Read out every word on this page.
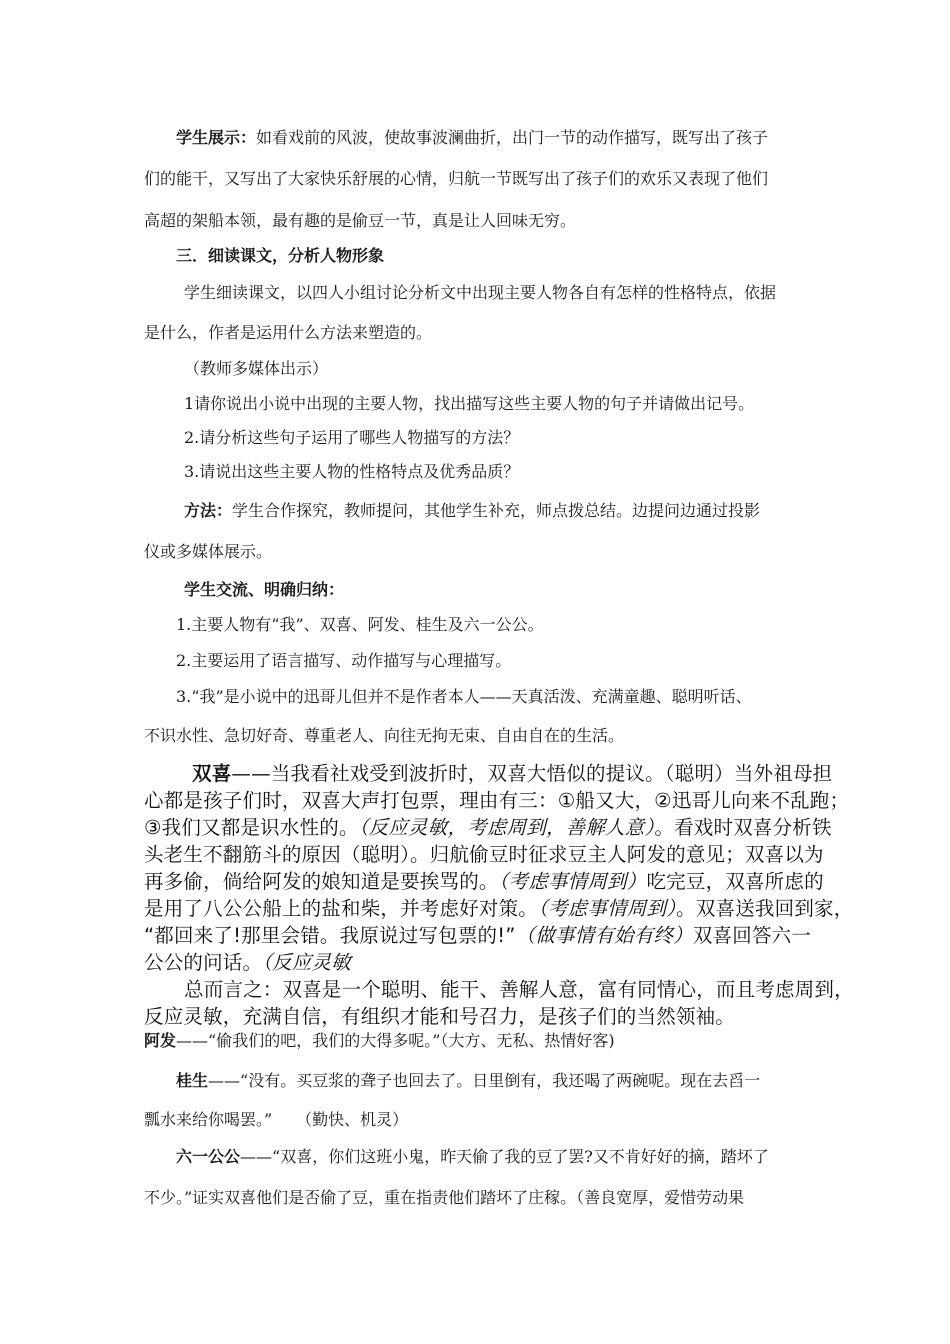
学生展示：如看戏前的风波，使故事波澜曲折，出门一节的动作描写，既写出了孩子
们的能干，又写出了大家快乐舒展的心情，归航一节既写出了孩子们的欢乐又表现了他们
高超的架船本领，最有趣的是偷豆一节，真是让人回味无穷。
三．细读课文，分析人物形象
学生细读课文，以四人小组讨论分析文中出现主要人物各自有怎样的性格特点，依据
是什么，作者是运用什么方法来塑造的。
（教师多媒体出示）
1请你说出小说中出现的主要人物，找出描写这些主要人物的句子并请做出记号。
2.请分析这些句子运用了哪些人物描写的方法？
3.请说出这些主要人物的性格特点及优秀品质？
方法：学生合作探究，教师提问，其他学生补充，师点拨总结。边提问边通过投影
仪或多媒体展示。
学生交流、明确归纳：
1.主要人物有“我”、双喜、阿发、桂生及六一公公。
2.主要运用了语言描写、动作描写与心理描写。
3.“我”是小说中的迅哥儿但并不是作者本人——天真活泼、充满童趣、聪明听话、
不识水性、急切好奇、尊重老人、向往无拘无束、自由自在的生活。
双喜——当我看社戏受到波折时，双喜大悟似的提议。（聪明）当外祖母担
心都是孩子们时，双喜大声打包票，理由有三：①船又大，②迅哥儿向来不乱跑；
③我们又都是识水性的。（反应灵敏，考虑周到，善解人意）。看戏时双喜分析铁
头老生不翻筋斗的原因（聪明）。归航偷豆时征求豆主人阿发的意见；双喜以为
再多偷，倘给阿发的娘知道是要挨骂的。（考虑事情周到）吃完豆，双喜所虑的
是用了八公公船上的盐和柴，并考虑好对策。（考虑事情周到）。双喜送我回到家，
“都回来了!那里会错。我原说过写包票的!”（做事情有始有终）双喜回答六一
公公的问话。（反应灵敏
总而言之：双喜是一个聪明、能干、善解人意，富有同情心，而且考虑周到，
反应灵敏，充满自信，有组织才能和号召力，是孩子们的当然领袖。
阿发——“偷我们的吧，我们的大得多呢。”（大方、无私、热情好客)
桂生——“没有。买豆浆的聋子也回去了。日里倒有，我还喝了两碗呢。现在去舀一
瓢水来给你喝罢。”　　（勤快、机灵）
六一公公——“双喜，你们这班小鬼，昨天偷了我的豆了罢?又不肯好好的摘，踏坏了
不少。”证实双喜他们是否偷了豆，重在指责他们踏坏了庄稼。（善良宽厚，爱惜劳动果
